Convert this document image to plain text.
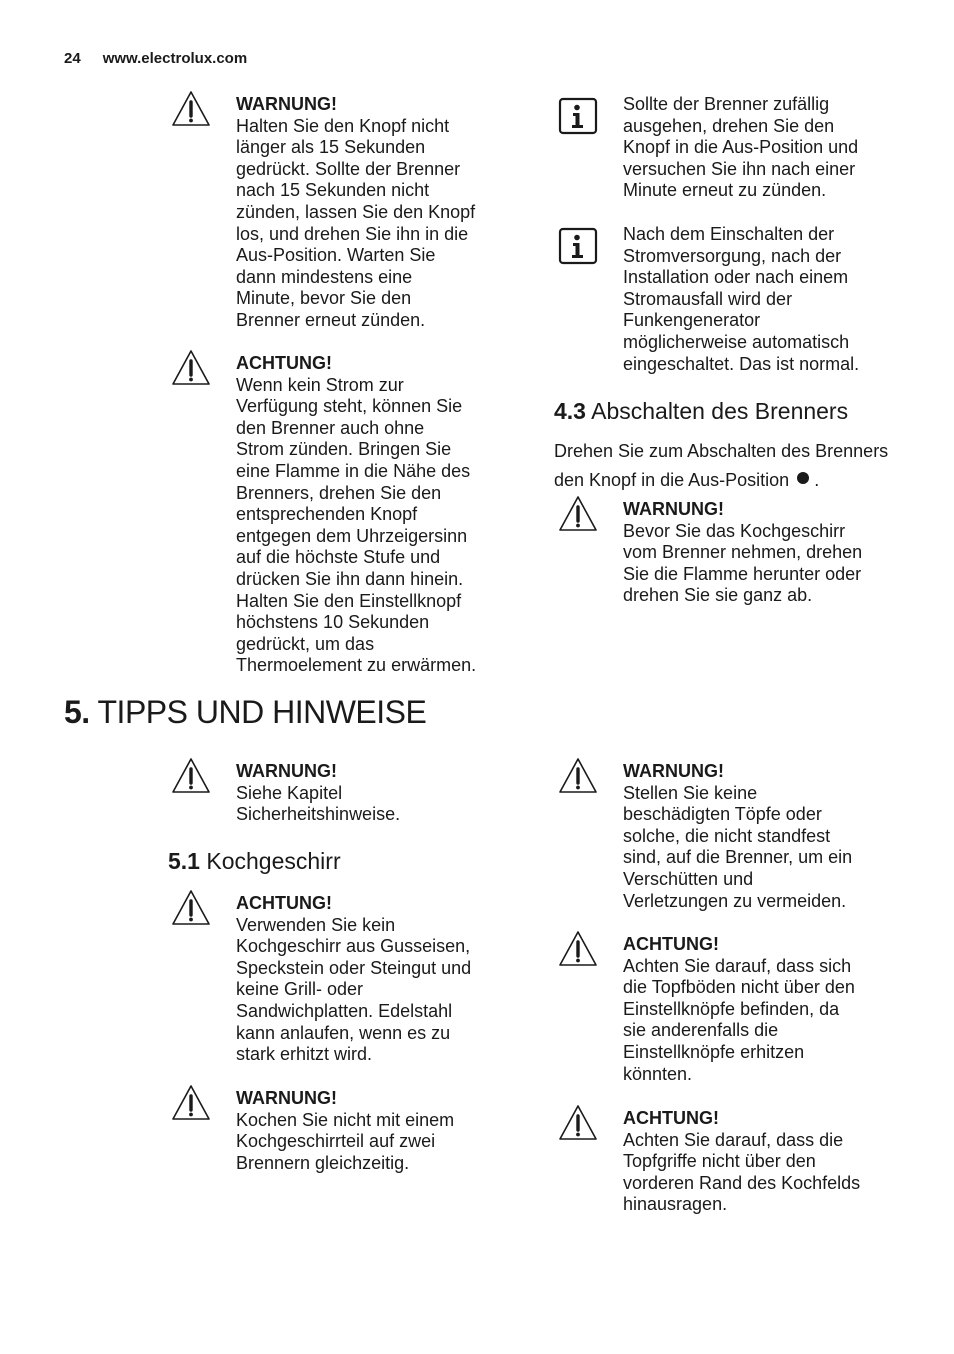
24 www.electrolux.com
WARNUNG!
Halten Sie den Knopf nicht
länger als 15 Sekunden
gedrückt. Sollte der Brenner
nach 15 Sekunden nicht
zünden, lassen Sie den Knopf
los, und drehen Sie ihn in die
Aus-Position. Warten Sie
dann mindestens eine
Minute, bevor Sie den
Brenner erneut zünden.
ACHTUNG!
Wenn kein Strom zur
Verfügung steht, können Sie
den Brenner auch ohne
Strom zünden. Bringen Sie
eine Flamme in die Nähe des
Brenners, drehen Sie den
entsprechenden Knopf
entgegen dem Uhrzeigersinn
auf die höchste Stufe und
drücken Sie ihn dann hinein.
Halten Sie den Einstellknopf
höchstens 10 Sekunden
gedrückt, um das
Thermoelement zu erwärmen.
Sollte der Brenner zufällig
ausgehen, drehen Sie den
Knopf in die Aus-Position und
versuchen Sie ihn nach einer
Minute erneut zu zünden.
Nach dem Einschalten der
Stromversorgung, nach der
Installation oder nach einem
Stromausfall wird der
Funkengenerator
möglicherweise automatisch
eingeschaltet. Das ist normal.
4.3 Abschalten des Brenners
Drehen Sie zum Abschalten des Brenners
den Knopf in die Aus-Position .
WARNUNG!
Bevor Sie das Kochgeschirr
vom Brenner nehmen, drehen
Sie die Flamme herunter oder
drehen Sie sie ganz ab.
5. TIPPS UND HINWEISE
WARNUNG!
Siehe Kapitel
Sicherheitshinweise.
5.1 Kochgeschirr
ACHTUNG!
Verwenden Sie kein
Kochgeschirr aus Gusseisen,
Speckstein oder Steingut und
keine Grill- oder
Sandwichplatten. Edelstahl
kann anlaufen, wenn es zu
stark erhitzt wird.
WARNUNG!
Kochen Sie nicht mit einem
Kochgeschirrteil auf zwei
Brennern gleichzeitig.
WARNUNG!
Stellen Sie keine
beschädigten Töpfe oder
solche, die nicht standfest
sind, auf die Brenner, um ein
Verschütten und
Verletzungen zu vermeiden.
ACHTUNG!
Achten Sie darauf, dass sich
die Topfböden nicht über den
Einstellknöpfe befinden, da
sie anderenfalls die
Einstellknöpfe erhitzen
könnten.
ACHTUNG!
Achten Sie darauf, dass die
Topfgriffe nicht über den
vorderen Rand des Kochfelds
hinausragen.
